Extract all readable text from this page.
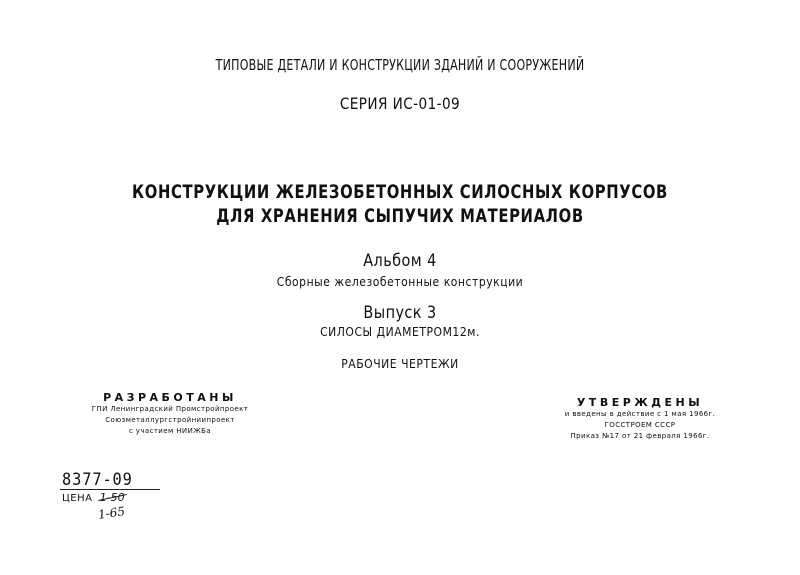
ТИПОВЫЕ ДЕТАЛИ И КОНСТРУКЦИИ ЗДАНИЙ И СООРУЖЕНИЙ
СЕРИЯ ИС-01-09
КОНСТРУКЦИИ ЖЕЛЕЗОБЕТОННЫХ СИЛОСНЫХ КОРПУСОВ
ДЛЯ ХРАНЕНИЯ СЫПУЧИХ МАТЕРИАЛОВ
Альбом 4
Сборные железобетонные конструкции
Выпуск 3
СИЛОСЫ ДИАМЕТРОМ12м.
РАБОЧИЕ ЧЕРТЕЖИ
РАЗРАБОТАНЫ
ГПИ Ленинградский Промстройпроект
Союзметаллургстройниипроект
с участием НИИЖБа
УТВЕРЖДЕНЫ
и введены в действие с 1 мая 1966г.
ГОССТРОЕМ СССР
Приказ №17 от 21 февраля 1966г.
8377-09
ЦЕНА 1-50
1-65
